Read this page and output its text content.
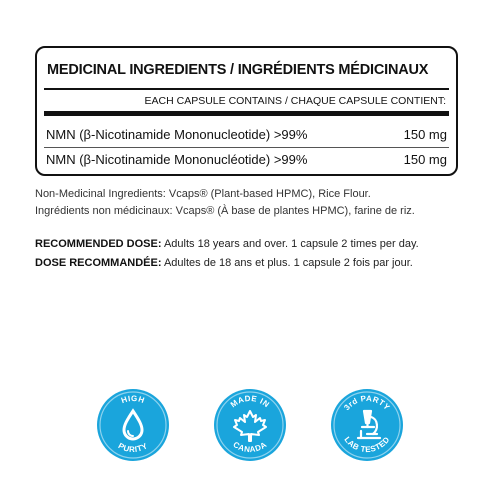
MEDICINAL INGREDIENTS / INGRÉDIENTS MÉDICINAUX
EACH CAPSULE CONTAINS / CHAQUE CAPSULE CONTIENT:
NMN (β-Nicotinamide Mononucleotide) >99%	150 mg
NMN (β-Nicotinamide Mononucléotide) >99%	150 mg
Non-Medicinal Ingredients: Vcaps® (Plant-based HPMC), Rice Flour.
Ingrédients non médicinaux: Vcaps® (À base de plantes HPMC), farine de riz.
RECOMMENDED DOSE: Adults 18 years and over. 1 capsule 2 times per day.
DOSE RECOMMANDÉE: Adultes de 18 ans et plus. 1 capsule 2 fois par jour.
HIGH
PURITY
MADE IN
CANADA
3rd PARTY
LAB TESTED
